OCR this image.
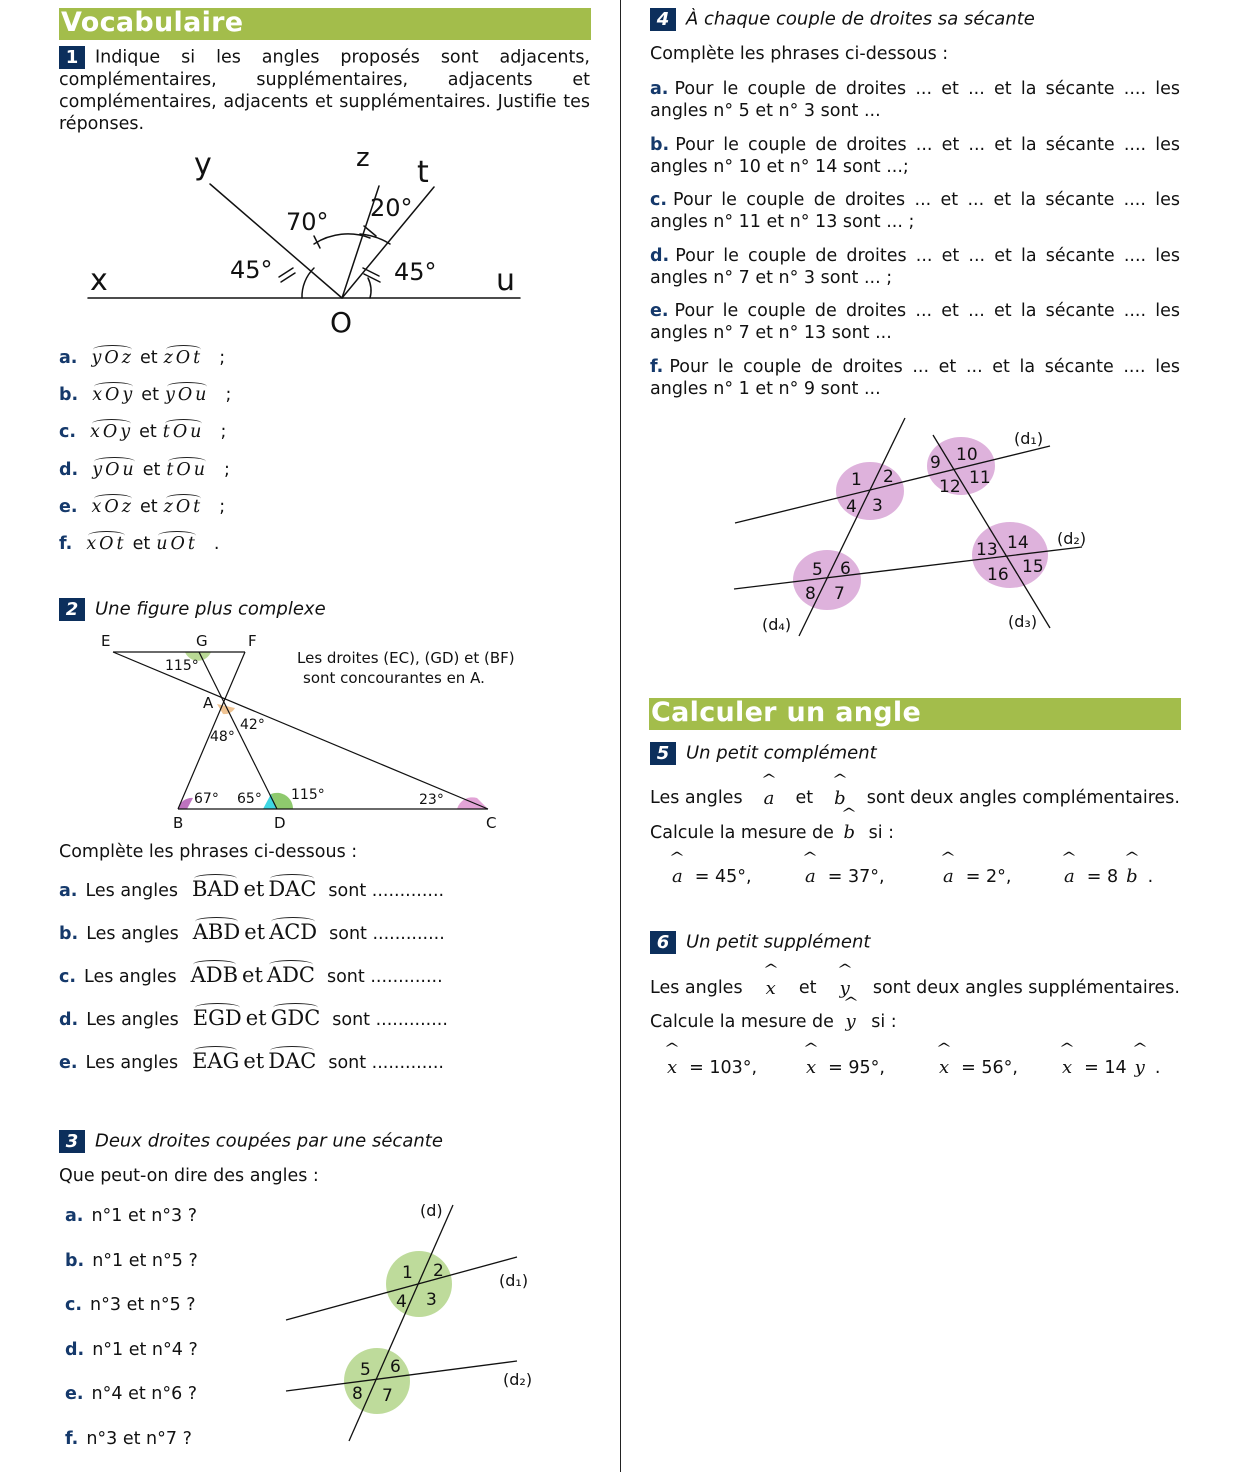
Vocabulaire
1 Indique si les angles proposés sont adjacents, complémentaires, supplémentaires, adjacents et complémentaires, adjacents et supplémentaires. Justifie tes réponses.
y	z t
x	u
O
70° 20°
45°	45°
a. yOz et zOt ;
b. xOy et yOu ;
c. xOy et tOu ;
d. yOu et tOu ;
e. xOz et zOt ;
f. xOt et uOt .
2 Une figure plus complexe
E	G	F
A
B	D	C
115°
42°
48°
67° 65° 115°	23°
Les droites (EC), (GD) et (BF)
sont concourantes en A.
Complète les phrases ci-dessous :
a. Les angles BAD et DAC sont .............
b. Les angles ABD et ACD sont .............
c. Les angles ADB et ADC sont .............
d. Les angles EGD et GDC sont .............
e. Les angles EAG et DAC sont .............
3 Deux droites coupées par une sécante
Que peut-on dire des angles :
a. n°1 et n°3 ?
b. n°1 et n°5 ?
c. n°3 et n°5 ?
d. n°1 et n°4 ?
e. n°4 et n°6 ?
f. n°3 et n°7 ?
(d)
(d₁)
(d₂)
1 2
3
4
5 6
7
8
4 À chaque couple de droites sa sécante
Complète les phrases ci-dessous :
a. Pour le couple de droites ... et ... et la sécante .... les
angles n° 5 et n° 3 sont ...
b. Pour le couple de droites ... et ... et la sécante .... les
angles n° 10 et n° 14 sont ...;
c. Pour le couple de droites ... et ... et la sécante .... les
angles n° 11 et n° 13 sont ... ;
d. Pour le couple de droites ... et ... et la sécante .... les
angles n° 7 et n° 3 sont ... ;
e. Pour le couple de droites ... et ... et la sécante .... les
angles n° 7 et n° 13 sont ...
f. Pour le couple de droites ... et ... et la sécante .... les
angles n° 1 et n° 9 sont ...
(d₁)
(d₂)
(d₃)
(d₄)
1 2
3
4
5 6
7
8
9 10
11
12
13 14
15
16
Calculer un angle
5 Un petit complément
Les angles ^ a et ^ b sont deux angles complémentaires.
Calcule la mesure de ^ b si :
^ a = 45°,	^ a = 37°,	^ a = 2°,	^ a = 8 ^ b .
6 Un petit supplément
Les angles ^ x et ^ y sont deux angles supplémentaires.
Calcule la mesure de ^ y si :
^ x = 103°,	^ x = 95°,	^ x = 56°, ^ x = 14 ^ y .
